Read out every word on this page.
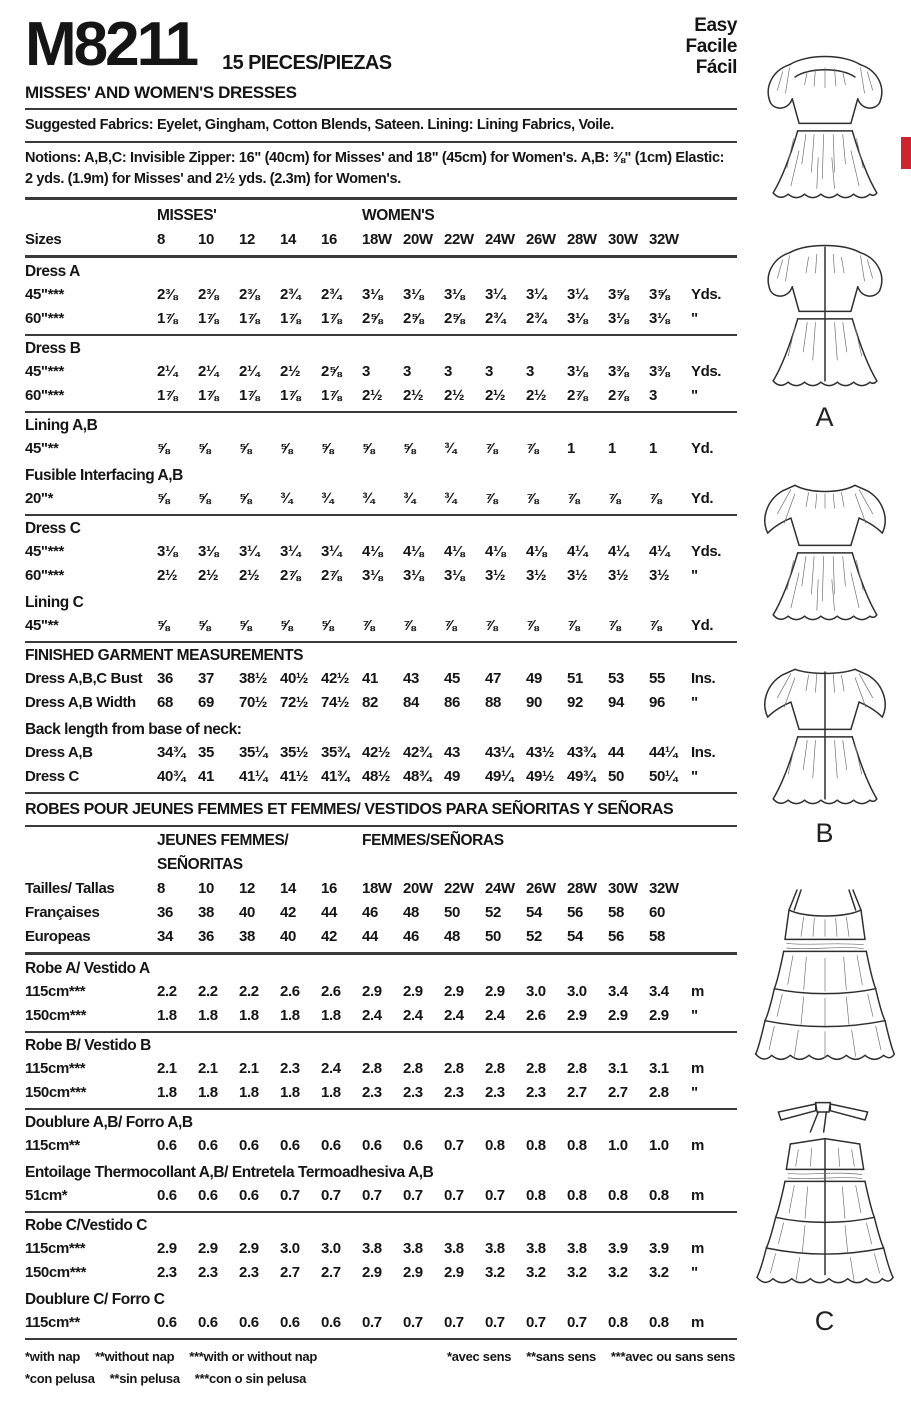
M8211 15 PIECES/PIEZAS
Easy
Facile
Fácil
MISSES' AND WOMEN'S DRESSES
Suggested Fabrics: Eyelet, Gingham, Cotton Blends, Sateen. Lining: Lining Fabrics, Voile.
Notions: A,B,C: Invisible Zipper: 16" (40cm) for Misses' and 18" (45cm) for Women's. A,B: ⅜" (1cm) Elastic:
2 yds. (1.9m) for Misses' and 2½ yds. (2.3m) for Women's.
MISSES'	WOMEN'S
Sizes	8	10	12	14	16	18W 20W 22W 24W 26W 28W 30W 32W
Dress A
45"***	2⅜	2⅜	2⅜	2¾	2¾	3⅛	3⅛	3⅛	3¼	3¼	3¼	3⅝	3⅝	Yds.
60"***	1⅞	1⅞	1⅞	1⅞	1⅞	2⅝	2⅝	2⅝	2¾	2¾	3⅛	3⅛	3⅛	"
Dress B
45"***	2¼	2¼	2¼	2½	2⅝	3	3	3	3	3	3⅛	3⅜	3⅜	Yds.
60"***	1⅞	1⅞	1⅞	1⅞	1⅞	2½	2½	2½	2½	2½	2⅞	2⅞	3	"
Lining A,B
45"**	⅝	⅝	⅝	⅝	⅝	⅝	⅝	¾	⅞	⅞	1	1	1	Yd.
Fusible Interfacing A,B
20"*	⅝	⅝	⅝	¾	¾	¾	¾	¾	⅞	⅞	⅞	⅞	⅞	Yd.
Dress C
45"***	3⅛	3⅛	3¼	3¼	3¼	4⅛	4⅛	4⅛	4⅛	4⅛	4¼	4¼	4¼	Yds.
60"***	2½	2½	2½	2⅞	2⅞	3⅛	3⅛	3⅛	3½	3½	3½	3½	3½	"
Lining C
45"**	⅝	⅝	⅝	⅝	⅝	⅞	⅞	⅞	⅞	⅞	⅞	⅞	⅞	Yd.
FINISHED GARMENT MEASUREMENTS
Dress A,B,C Bust 36	37	38½ 40½ 42½ 41	43	45	47	49	51	53	55	Ins.
Dress A,B Width	68	69	70½ 72½ 74½ 82	84	86	88	90	92	94	96	"
Back length from base of neck:
Dress A,B	34¾ 35	35¼ 35½ 35¾ 42½ 42¾ 43	43¼ 43½ 43¾ 44	44¼ Ins.
Dress C	40¾ 41	41¼ 41½ 41¾ 48½ 48¾ 49	49¼ 49½ 49¾ 50	50¼ "
ROBES POUR JEUNES FEMMES ET FEMMES/ VESTIDOS PARA SEÑORITAS Y SEÑORAS
JEUNES FEMMES/	FEMMES/SEÑORAS
SEÑORITAS
Tailles/ Tallas	8	10	12	14	16	18W 20W 22W 24W 26W 28W 30W 32W
Françaises	36	38	40	42	44	46	48	50	52	54	56	58	60
Europeas	34	36	38	40	42	44	46	48	50	52	54	56	58
Robe A/ Vestido A
115cm***	2.2	2.2	2.2	2.6	2.6	2.9	2.9	2.9	2.9	3.0	3.0	3.4	3.4	m
150cm***	1.8	1.8	1.8	1.8	1.8	2.4	2.4	2.4	2.4	2.6	2.9	2.9	2.9	"
Robe B/ Vestido B
115cm***	2.1	2.1	2.1	2.3	2.4	2.8	2.8	2.8	2.8	2.8	2.8	3.1	3.1	m
150cm***	1.8	1.8	1.8	1.8	1.8	2.3	2.3	2.3	2.3	2.3	2.7	2.7	2.8	"
Doublure A,B/ Forro A,B
115cm**	0.6	0.6	0.6	0.6	0.6	0.6	0.6	0.7	0.8	0.8	0.8	1.0	1.0	m
Entoilage Thermocollant A,B/ Entretela Termoadhesiva A,B
51cm*	0.6	0.6	0.6	0.7	0.7	0.7	0.7	0.7	0.7	0.8	0.8	0.8	0.8	m
Robe C/Vestido C
115cm***	2.9	2.9	2.9	3.0	3.0	3.8	3.8	3.8	3.8	3.8	3.8	3.9	3.9	m
150cm***	2.3	2.3	2.3	2.7	2.7	2.9	2.9	2.9	3.2	3.2	3.2	3.2	3.2	"
Doublure C/ Forro C
115cm**	0.6	0.6	0.6	0.6	0.6	0.7	0.7	0.7	0.7	0.7	0.7	0.8	0.8	m
*with nap **without nap ***with or without nap	*avec sens **sans sens ***avec ou sans sens
*con pelusa **sin pelusa ***con o sin pelusa
A
B
C
